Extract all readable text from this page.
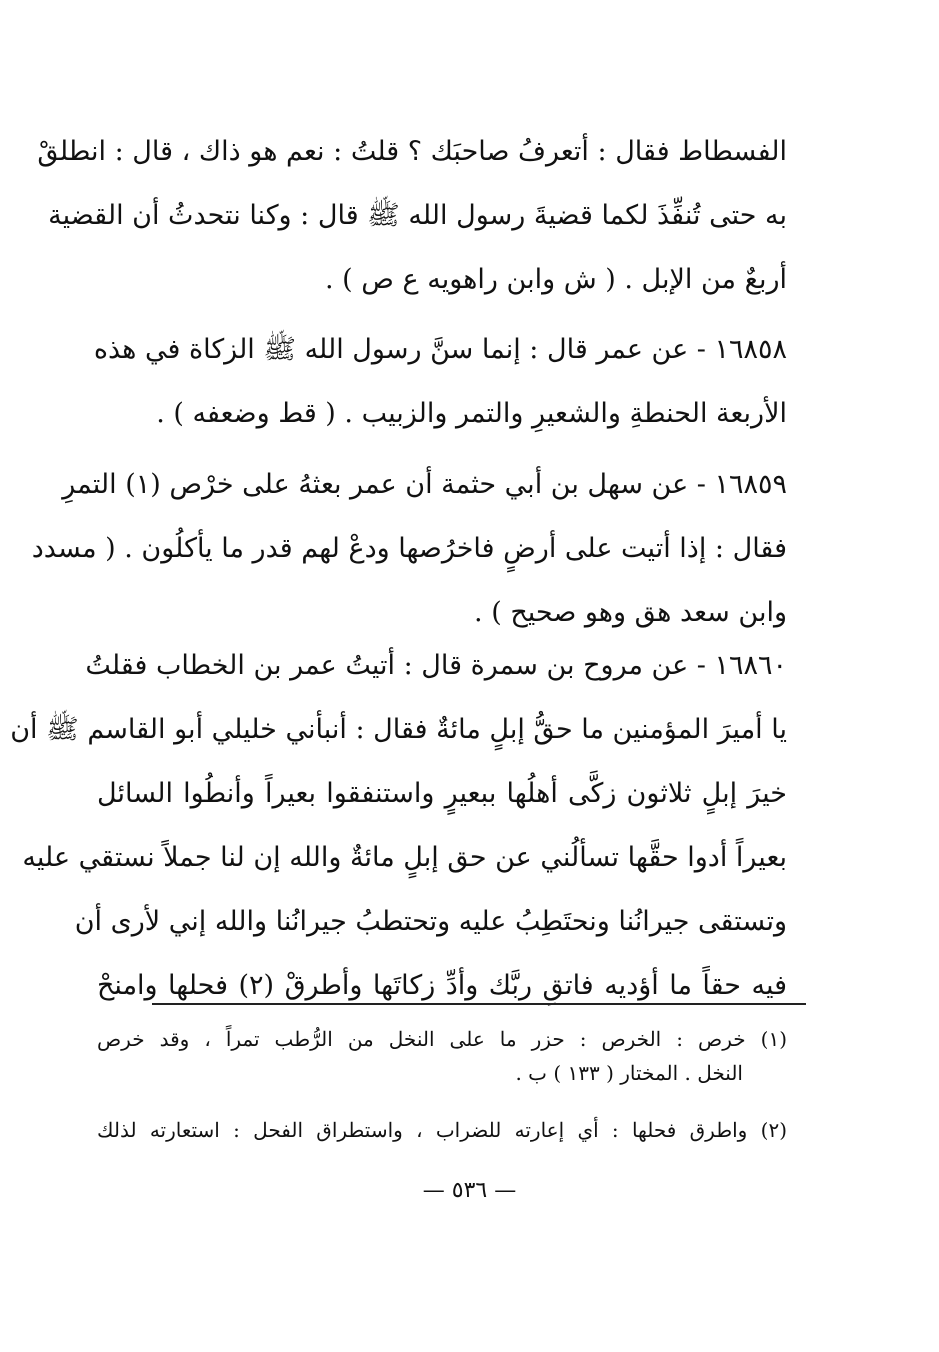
الفسطاط فقال : أتعرفُ صاحبَك ؟ قلتُ : نعم هو ذاك ، قال : انطلقْ
به حتى تُنفِّذَ لكما قضيةَ رسول الله ﷺ قال : وكنا نتحدثُ أن القضية
أربعٌ من الإبل . ( ش وابن راهويه ع ص ) .
١٦٨٥٨ - عن عمر قال : إنما سنَّ رسول الله ﷺ الزكاة في هذه
الأربعة الحنطةِ والشعيرِ والتمر والزبيب . ( قط وضعفه ) .
١٦٨٥٩ - عن سهل بن أبي حثمة أن عمر بعثهُ على خرْص (١) التمرِ
فقال : إذا أتيت على أرضٍ فاخرُصها ودعْ لهم قدر ما يأكلُون . ( مسدد
وابن سعد هق وهو صحيح ) .
١٦٨٦٠ - عن مروح بن سمرة قال : أتيتُ عمر بن الخطاب فقلتُ
يا أميرَ المؤمنين ما حقُّ إبلٍ مائةٌ فقال : أنبأني خليلي أبو القاسم ﷺ أن
خيرَ إبلٍ ثلاثون زكَّى أهلُها ببعيرٍ واستنفقوا بعيراً وأنطُوا السائل
بعيراً أدوا حقَّها تسألُني عن حق إبلٍ مائةٌ والله إن لنا جملاً نستقي عليه
وتستقى جيرانُنا ونحتَطِبُ عليه وتحتطبُ جيرانُنا والله إني لأرى أن
فيه حقاً ما أؤديه فاتقِ ربَّك وأدِّ زكاتَها وأطرقْ (٢) فحلها وامنحْ
(١) خرص : الخرص : حزر ما على النخل من الرُّطب تمراً ، وقد خرص
النخل . المختار ( ١٣٣ ) ب .
(٢) واطرق فحلها : أي إعارته للضراب ، واستطراق الفحل : استعارته لذلك
— ٥٣٦ —
